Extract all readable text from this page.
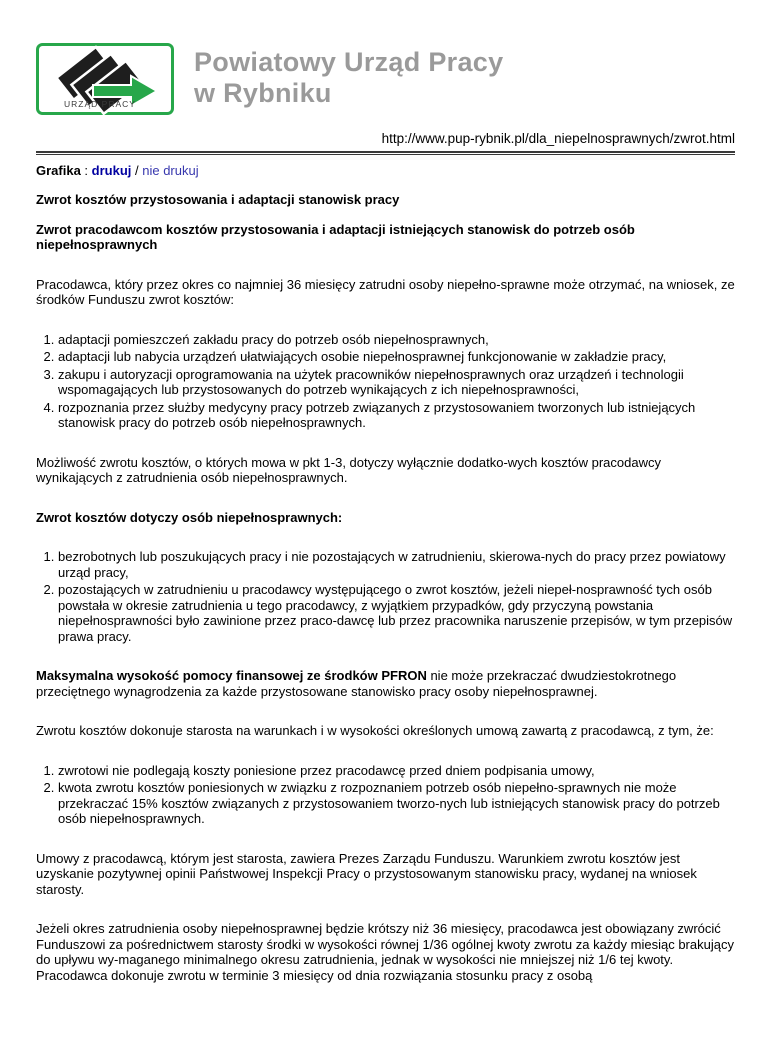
URZĄD PRACY
Powiatowy Urząd Pracy
w Rybniku
http://www.pup-rybnik.pl/dla_niepelnosprawnych/zwrot.html
Grafika : drukuj / nie drukuj
Zwrot kosztów przystosowania i adaptacji stanowisk pracy
Zwrot pracodawcom kosztów przystosowania i adaptacji istniejących stanowisk do potrzeb osób niepełnosprawnych

Pracodawca, który przez okres co najmniej 36 miesięcy zatrudni osoby niepełno-sprawne może otrzymać, na wniosek, ze środków Funduszu zwrot kosztów:

1. adaptacji pomieszczeń zakładu pracy do potrzeb osób niepełnosprawnych,
2. adaptacji lub nabycia urządzeń ułatwiających osobie niepełnosprawnej funkcjonowanie w zakładzie pracy,
3. zakupu i autoryzacji oprogramowania na użytek pracowników niepełnosprawnych oraz urządzeń i technologii wspomagających lub przystosowanych do potrzeb wynikających z ich niepełnosprawności,
4. rozpoznania przez służby medycyny pracy potrzeb związanych z przystosowaniem tworzonych lub istniejących stanowisk pracy do potrzeb osób niepełnosprawnych.

Możliwość zwrotu kosztów, o których mowa w pkt 1-3, dotyczy wyłącznie dodatko-wych kosztów pracodawcy wynikających z zatrudnienia osób niepełnosprawnych.

Zwrot kosztów dotyczy osób niepełnosprawnych:
1. bezrobotnych lub poszukujących pracy i nie pozostających w zatrudnieniu, skierowa-nych do pracy przez powiatowy urząd pracy,
2. pozostających w zatrudnieniu u pracodawcy występującego o zwrot kosztów, jeżeli niepeł-nosprawność tych osób powstała w okresie zatrudnienia u tego pracodawcy, z wyjątkiem przypadków, gdy przyczyną powstania niepełnosprawności było zawinione przez praco-dawcę lub przez pracownika naruszenie przepisów, w tym przepisów prawa pracy.

Maksymalna wysokość pomocy finansowej ze środków PFRON nie może przekraczać dwudziestokrotnego przeciętnego wynagrodzenia za każde przystosowane stanowisko pracy osoby niepełnosprawnej.

Zwrotu kosztów dokonuje starosta na warunkach i w wysokości określonych umową zawartą z pracodawcą, z tym, że:

1. zwrotowi nie podlegają koszty poniesione przez pracodawcę przed dniem podpisania umowy,
2. kwota zwrotu kosztów poniesionych w związku z rozpoznaniem potrzeb osób niepełno-sprawnych nie może przekraczać 15% kosztów związanych z przystosowaniem tworzo-nych lub istniejących stanowisk pracy do potrzeb osób niepełnosprawnych.

Umowy z pracodawcą, którym jest starosta, zawiera Prezes Zarządu Funduszu. Warunkiem zwrotu kosztów jest uzyskanie pozytywnej opinii Państwowej Inspekcji Pracy o przystosowanym stanowisku pracy, wydanej na wniosek starosty.

Jeżeli okres zatrudnienia osoby niepełnosprawnej będzie krótszy niż 36 miesięcy, pracodawca jest obowiązany zwrócić Funduszowi za pośrednictwem starosty środki w wysokości równej 1/36 ogólnej kwoty zwrotu za każdy miesiąc brakujący do upływu wy-maganego minimalnego okresu zatrudnienia, jednak w wysokości nie mniejszej niż 1/6 tej kwoty. Pracodawca dokonuje zwrotu w terminie 3 miesięcy od dnia rozwiązania stosunku pracy z osobą
